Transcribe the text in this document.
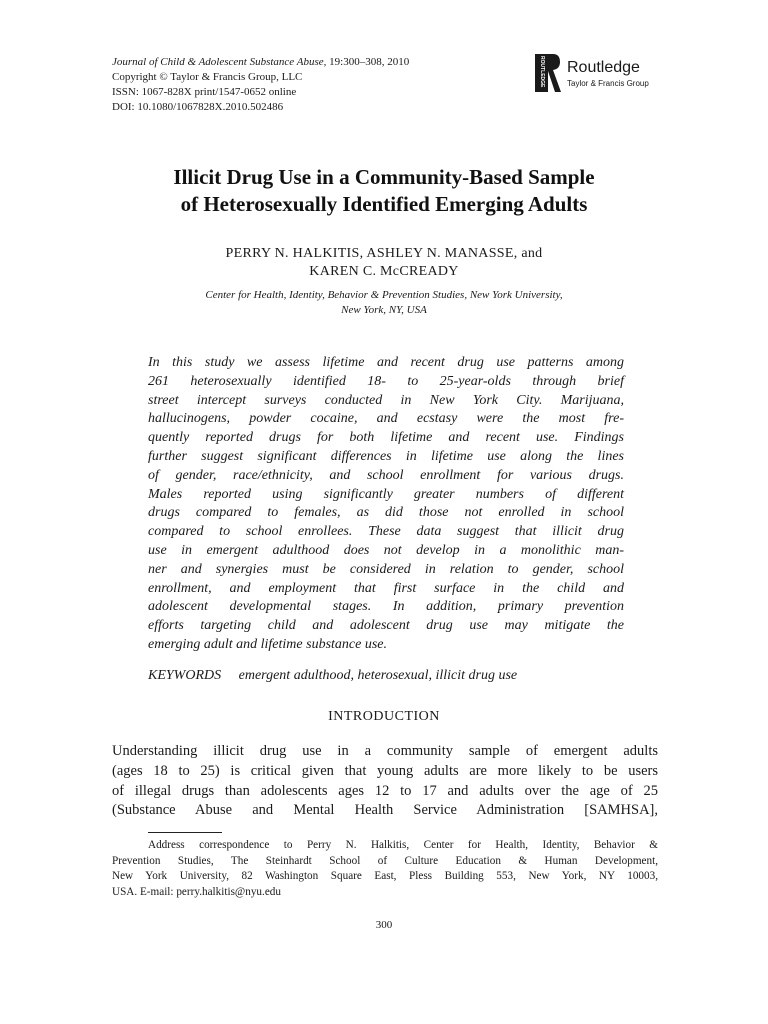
Journal of Child & Adolescent Substance Abuse, 19:300–308, 2010
Copyright © Taylor & Francis Group, LLC
ISSN: 1067-828X print/1547-0652 online
DOI: 10.1080/1067828X.2010.502486
ROUTLEDGE Routledge
Taylor & Francis Group
Illicit Drug Use in a Community-Based Sample
of Heterosexually Identified Emerging Adults
PERRY N. HALKITIS, ASHLEY N. MANASSE, and
KAREN C. McCREADY
Center for Health, Identity, Behavior & Prevention Studies, New York University,
New York, NY, USA
In this study we assess lifetime and recent drug use patterns among
261 heterosexually identified 18- to 25-year-olds through brief
street intercept surveys conducted in New York City. Marijuana,
hallucinogens, powder cocaine, and ecstasy were the most fre-
quently reported drugs for both lifetime and recent use. Findings
further suggest significant differences in lifetime use along the lines
of gender, race/ethnicity, and school enrollment for various drugs.
Males reported using significantly greater numbers of different
drugs compared to females, as did those not enrolled in school
compared to school enrollees. These data suggest that illicit drug
use in emergent adulthood does not develop in a monolithic man-
ner and synergies must be considered in relation to gender, school
enrollment, and employment that first surface in the child and
adolescent developmental stages. In addition, primary prevention
efforts targeting child and adolescent drug use may mitigate the
emerging adult and lifetime substance use.
KEYWORDS emergent adulthood, heterosexual, illicit drug use
INTRODUCTION
Understanding illicit drug use in a community sample of emergent adults
(ages 18 to 25) is critical given that young adults are more likely to be users
of illegal drugs than adolescents ages 12 to 17 and adults over the age of 25
(Substance Abuse and Mental Health Service Administration [SAMHSA],
Address correspondence to Perry N. Halkitis, Center for Health, Identity, Behavior &
Prevention Studies, The Steinhardt School of Culture Education & Human Development,
New York University, 82 Washington Square East, Pless Building 553, New York, NY 10003,
USA. E-mail: perry.halkitis@nyu.edu
300
